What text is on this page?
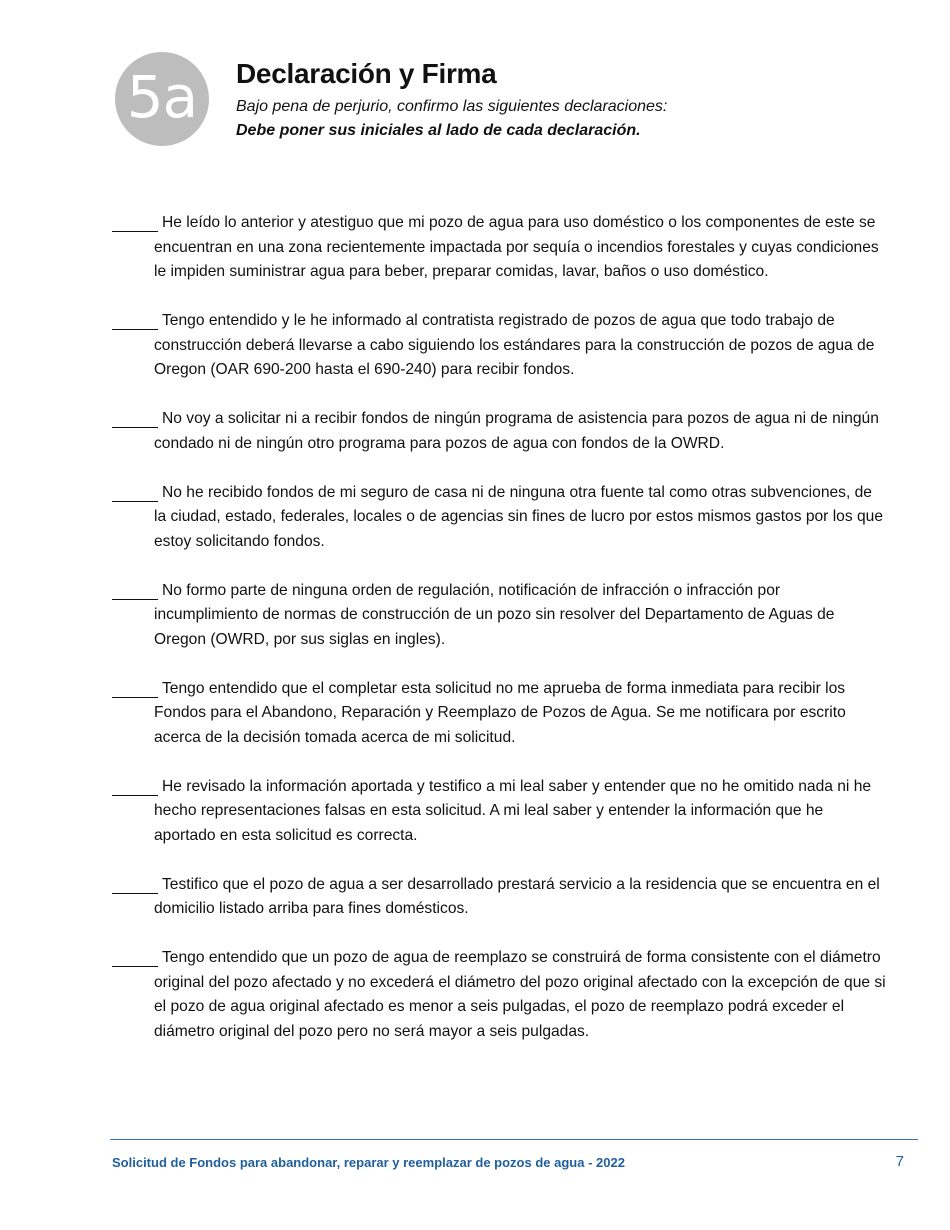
5a Declaración y Firma

Bajo pena de perjurio, confirmo las siguientes declaraciones:

Debe poner sus iniciales al lado de cada declaración.

He leído lo anterior y atestiguo que mi pozo de agua para uso doméstico o los componentes de este se encuentran en una zona recientemente impactada por sequía o incendios forestales y cuyas condiciones le impiden suministrar agua para beber, preparar comidas, lavar, baños o uso doméstico.
Tengo entendido y le he informado al contratista registrado de pozos de agua que todo trabajo de construcción deberá llevarse a cabo siguiendo los estándares para la construcción de pozos de agua de Oregon (OAR 690-200 hasta el 690-240) para recibir fondos.
No voy a solicitar ni a recibir fondos de ningún programa de asistencia para pozos de agua ni de ningún condado ni de ningún otro programa para pozos de agua con fondos de la OWRD.
No he recibido fondos de mi seguro de casa ni de ninguna otra fuente tal como otras subvenciones, de la ciudad, estado, federales, locales o de agencias sin fines de lucro por estos mismos gastos por los que estoy solicitando fondos.
No formo parte de ninguna orden de regulación, notificación de infracción o infracción por incumplimiento de normas de construcción de un pozo sin resolver del Departamento de Aguas de Oregon (OWRD, por sus siglas en ingles).
Tengo entendido que el completar esta solicitud no me aprueba de forma inmediata para recibir los Fondos para el Abandono, Reparación y Reemplazo de Pozos de Agua. Se me notificara por escrito acerca de la decisión tomada acerca de mi solicitud.
He revisado la información aportada y testifico a mi leal saber y entender que no he omitido nada ni he hecho representaciones falsas en esta solicitud. A mi leal saber y entender la información que he aportado en esta solicitud es correcta.
Testifico que el pozo de agua a ser desarrollado prestará servicio a la residencia que se encuentra en el domicilio listado arriba para fines domésticos.
Tengo entendido que un pozo de agua de reemplazo se construirá de forma consistente con el diámetro original del pozo afectado y no excederá el diámetro del pozo original afectado con la excepción de que si el pozo de agua original afectado es menor a seis pulgadas, el pozo de reemplazo podrá exceder el diámetro original del pozo pero no será mayor a seis pulgadas.
Solicitud de Fondos para abandonar, reparar y reemplazar de pozos de agua - 2022	7
